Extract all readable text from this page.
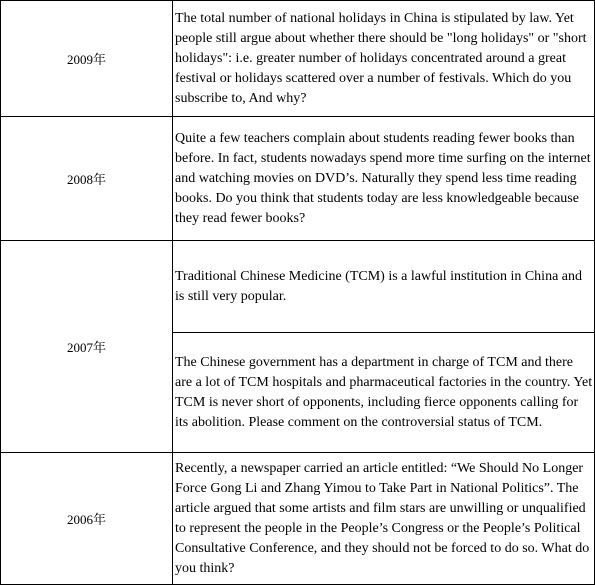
2009年	The total number of national holidays in China is stipulated by law. Yet people still argue about whether there should be "long holidays" or "short holidays": i.e. greater number of holidays concentrated around a great festival or holidays scattered over a number of festivals. Which do you subscribe to, And why?
2008年	Quite a few teachers complain about students reading fewer books than before. In fact, students nowadays spend more time surfing on the internet and watching movies on DVD’s. Naturally they spend less time reading books. Do you think that students today are less knowledgeable because they read fewer books?
2007年	Traditional Chinese Medicine (TCM) is a lawful institution in China and is still very popular.
	The Chinese government has a department in charge of TCM and there are a lot of TCM hospitals and pharmaceutical factories in the country. Yet TCM is never short of opponents, including fierce opponents calling for its abolition. Please comment on the controversial status of TCM.
2006年	Recently, a newspaper carried an article entitled: “We Should No Longer Force Gong Li and Zhang Yimou to Take Part in National Politics”. The article argued that some artists and film stars are unwilling or unqualified to represent the people in the People’s Congress or the People’s Political Consultative Conference, and they should not be forced to do so. What do you think?
